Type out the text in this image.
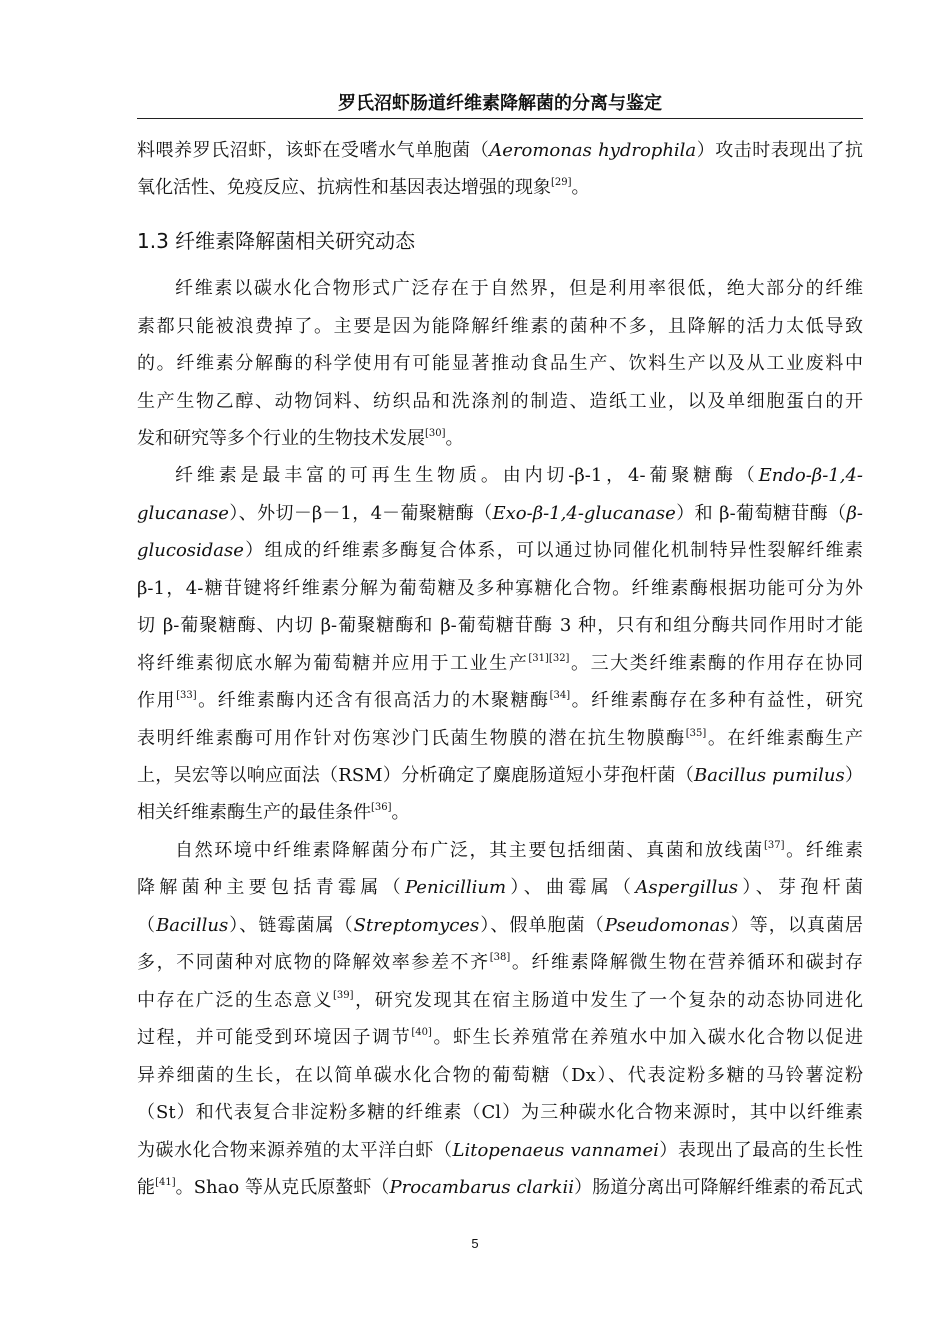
罗氏沼虾肠道纤维素降解菌的分离与鉴定
料喂养罗氏沼虾，该虾在受嗜水气单胞菌（Aeromonas hydrophila）攻击时表现出了抗
氧化活性、免疫反应、抗病性和基因表达增强的现象[29]。
1.3 纤维素降解菌相关研究动态
纤维素以碳水化合物形式广泛存在于自然界，但是利用率很低，绝大部分的纤维
素都只能被浪费掉了。主要是因为能降解纤维素的菌种不多，且降解的活力太低导致
的。纤维素分解酶的科学使用有可能显著推动食品生产、饮料生产以及从工业废料中
生产生物乙醇、动物饲料、纺织品和洗涤剂的制造、造纸工业，以及单细胞蛋白的开
发和研究等多个行业的生物技术发展[30]。
纤维素是最丰富的可再生生物质。由内切-β-1，4-葡聚糖酶（Endo-β-1,4-
glucanase）、外切－β－1，4－葡聚糖酶（Exo-β-1,4-glucanase）和 β-葡萄糖苷酶（β-
glucosidase）组成的纤维素多酶复合体系，可以通过协同催化机制特异性裂解纤维素
β-1，4-糖苷键将纤维素分解为葡萄糖及多种寡糖化合物。纤维素酶根据功能可分为外
切 β-葡聚糖酶、内切 β-葡聚糖酶和 β-葡萄糖苷酶 3 种，只有和组分酶共同作用时才能
将纤维素彻底水解为葡萄糖并应用于工业生产[31][32]。三大类纤维素酶的作用存在协同
作用[33]。纤维素酶内还含有很高活力的木聚糖酶[34]。纤维素酶存在多种有益性，研究
表明纤维素酶可用作针对伤寒沙门氏菌生物膜的潜在抗生物膜酶[35]。在纤维素酶生产
上，吴宏等以响应面法（RSM）分析确定了麋鹿肠道短小芽孢杆菌（Bacillus pumilus）
相关纤维素酶生产的最佳条件[36]。
自然环境中纤维素降解菌分布广泛，其主要包括细菌、真菌和放线菌[37]。纤维素
降解菌种主要包括青霉属（Penicillium）、曲霉属（Aspergillus）、芽孢杆菌
（Bacillus）、链霉菌属（Streptomyces）、假单胞菌（Pseudomonas）等，以真菌居
多，不同菌种对底物的降解效率参差不齐[38]。纤维素降解微生物在营养循环和碳封存
中存在广泛的生态意义[39]，研究发现其在宿主肠道中发生了一个复杂的动态协同进化
过程，并可能受到环境因子调节[40]。虾生长养殖常在养殖水中加入碳水化合物以促进
异养细菌的生长，在以简单碳水化合物的葡萄糖（Dx）、代表淀粉多糖的马铃薯淀粉
（St）和代表复合非淀粉多糖的纤维素（Cl）为三种碳水化合物来源时，其中以纤维素
为碳水化合物来源养殖的太平洋白虾（Litopenaeus vannamei）表现出了最高的生长性
能[41]。Shao 等从克氏原螯虾（Procambarus clarkii）肠道分离出可降解纤维素的希瓦式
5
